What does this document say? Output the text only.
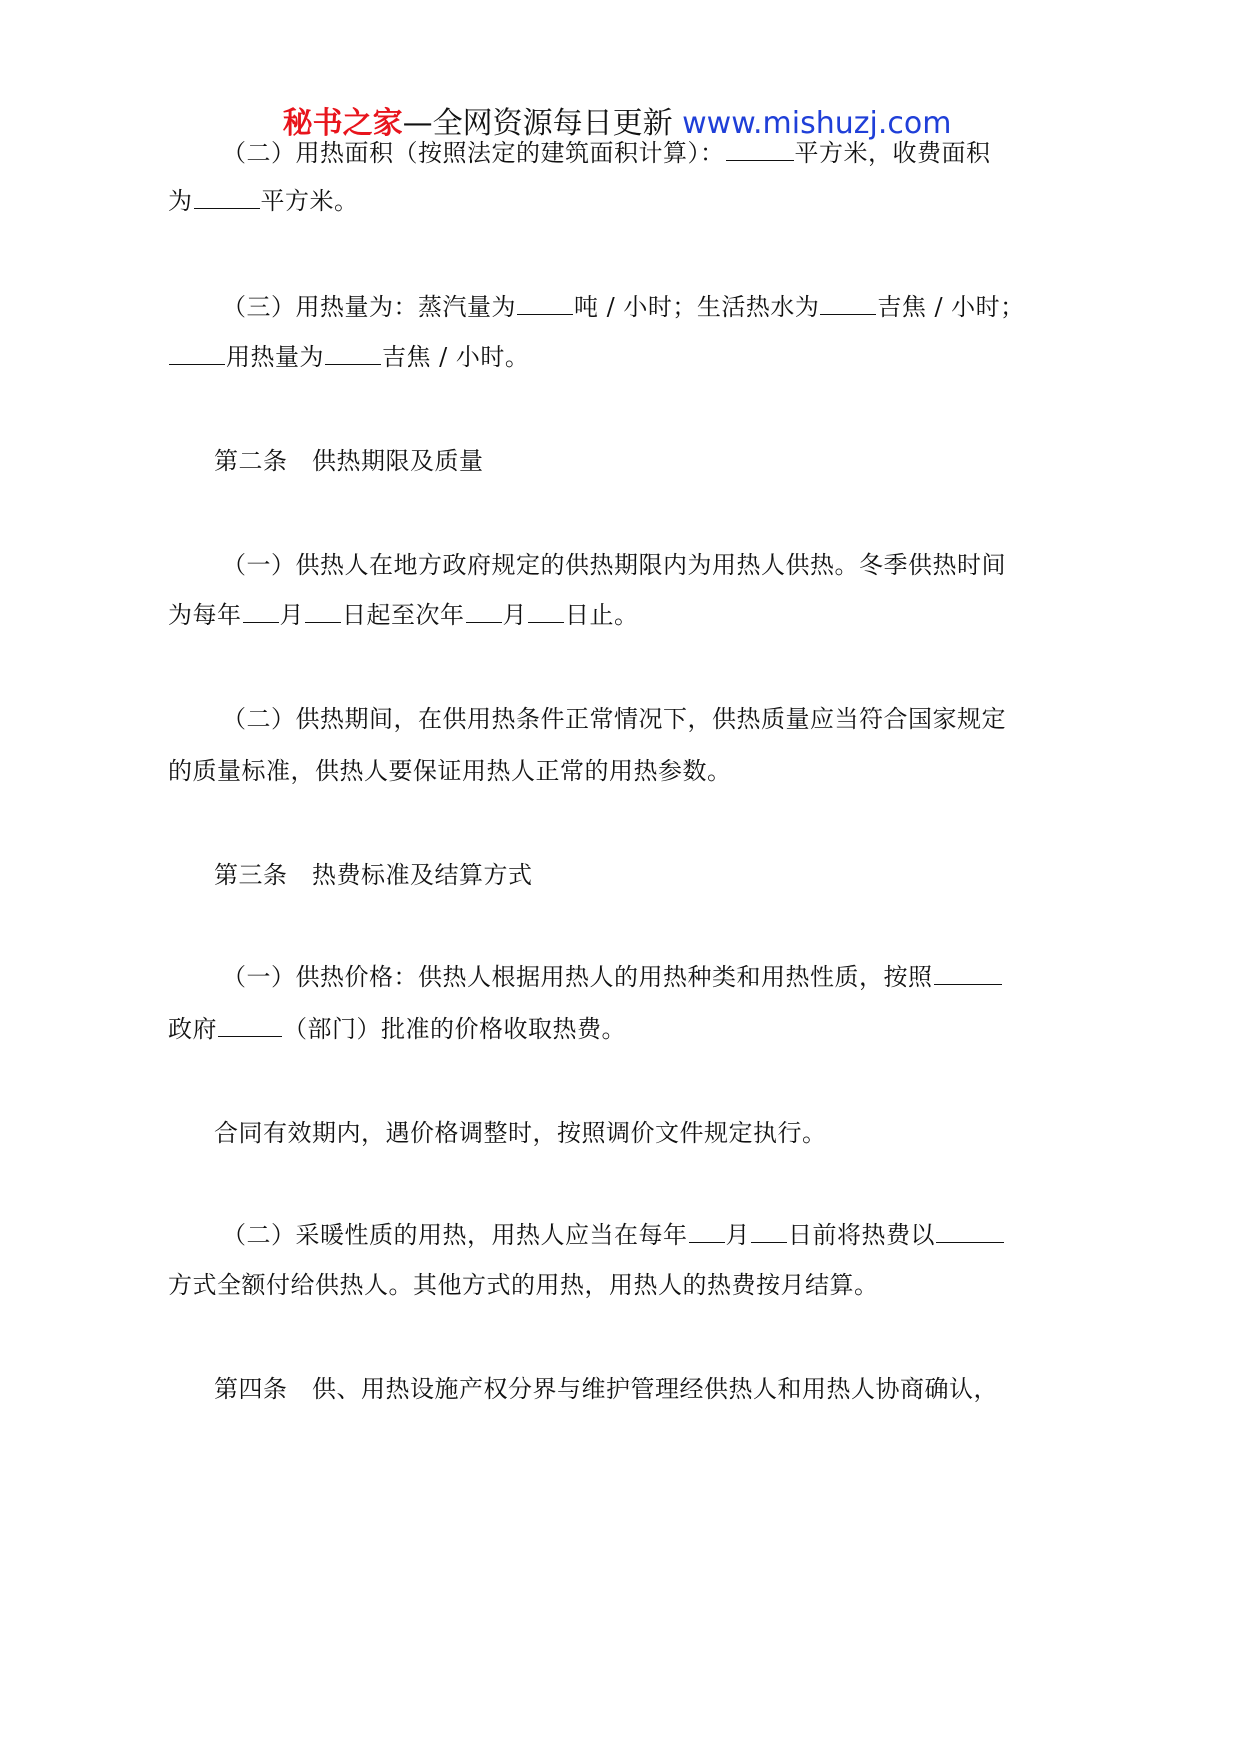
秘书之家—全网资源每日更新 www.mishuzj.com
（二）用热面积（按照法定的建筑面积计算）：	平方米，收费面积
为	平方米。
（三）用热量为：蒸汽量为 吨 / 小时；生活热水为 吉焦 / 小时；
用热量为 吉焦 / 小时。
第二条　供热期限及质量
（一）供热人在地方政府规定的供热期限内为用热人供热。冬季供热时间
为每年 月 日起至次年 月 日止。
（二）供热期间，在供用热条件正常情况下，供热质量应当符合国家规定
的质量标准，供热人要保证用热人正常的用热参数。
第三条　热费标准及结算方式
（一）供热价格：供热人根据用热人的用热种类和用热性质，按照
政府	（部门）批准的价格收取热费。
合同有效期内，遇价格调整时，按照调价文件规定执行。
（二）采暖性质的用热，用热人应当在每年 月 日前将热费以
方式全额付给供热人。其他方式的用热，用热人的热费按月结算。
第四条　供、用热设施产权分界与维护管理经供热人和用热人协商确认，
